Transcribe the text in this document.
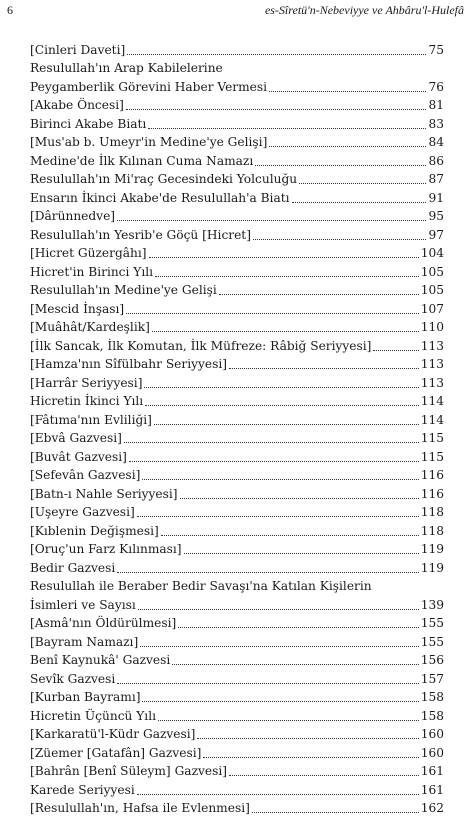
6	es-Sîretü'n-Nebeviyye ve Ahbâru'l-Hulefâ
[Cinleri Daveti]	75
Resulullah'ın Arap Kabilelerine
Peygamberlik Görevini Haber Vermesi	76
[Akabe Öncesi]	81
Birinci Akabe Biatı	83
[Mus'ab b. Umeyr'in Medine'ye Gelişi]	84
Medine'de İlk Kılınan Cuma Namazı	86
Resulullah'ın Mi'raç Gecesindeki Yolculuğu	87
Ensarın İkinci Akabe'de Resulullah'a Biatı	91
[Dârünnedve]	95
Resulullah'ın Yesrib'e Göçü [Hicret]	97
[Hicret Güzergâhı]	104
Hicret'in Birinci Yılı	105
Resulullah'ın Medine'ye Gelişi	105
[Mescid İnşası]	107
[Muâhât/Kardeşlik]	110
[İlk Sancak, İlk Komutan, İlk Müfreze: Râbiğ Seriyyesi]	113
[Hamza'nın Sîfülbahr Seriyyesi]	113
[Harrâr Seriyyesi]	113
Hicretin İkinci Yılı	114
[Fâtıma'nın Evliliği]	114
[Ebvâ Gazvesi]	115
[Buvât Gazvesi]	115
[Sefevân Gazvesi]	116
[Batn-ı Nahle Seriyyesi]	116
[Uşeyre Gazvesi]	118
[Kıblenin Değişmesi]	118
[Oruç'un Farz Kılınması]	119
Bedir Gazvesi	119
Resulullah ile Beraber Bedir Savaşı'na Katılan Kişilerin
İsimleri ve Sayısı	139
[Asmâ'nın Öldürülmesi]	155
[Bayram Namazı]	155
Benî Kaynukâ' Gazvesi	156
Sevîk Gazvesi	157
[Kurban Bayramı]	158
Hicretin Üçüncü Yılı	158
[Karkaratü'l-Küdr Gazvesi]	160
[Züemer [Gatafân] Gazvesi]	160
[Bahrân [Benî Süleym] Gazvesi]	161
Karede Seriyyesi	161
[Resulullah'ın, Hafsa ile Evlenmesi]	162
